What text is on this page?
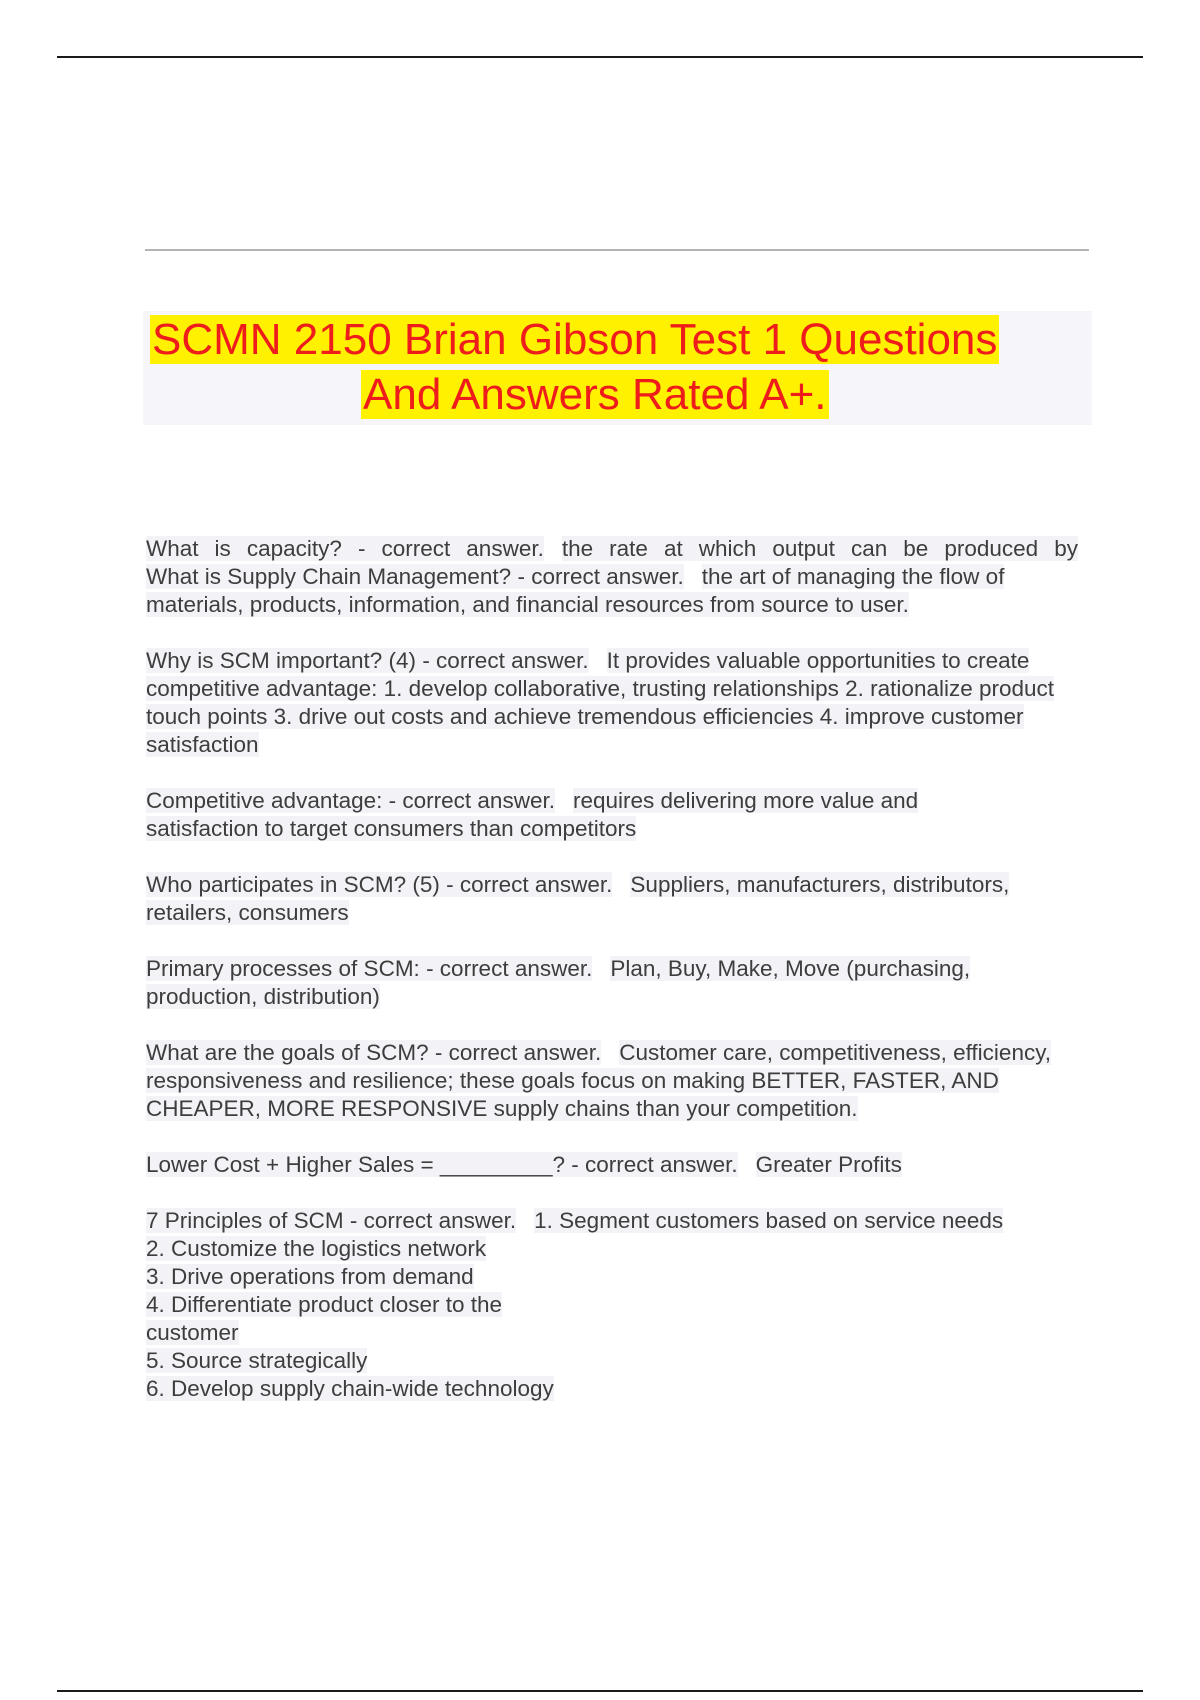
SCMN 2150 Brian Gibson Test 1 Questions
And Answers Rated A+.
What is capacity? - correct answer. the rate at which output can be produced by
What is Supply Chain Management? - correct answer. the art of managing the flow of materials, products, information, and financial resources from source to user.
Why is SCM important? (4) - correct answer. It provides valuable opportunities to create competitive advantage: 1. develop collaborative, trusting relationships 2. rationalize product touch points 3. drive out costs and achieve tremendous efficiencies 4. improve customer satisfaction
Competitive advantage: - correct answer. requires delivering more value and satisfaction to target consumers than competitors
Who participates in SCM? (5) - correct answer. Suppliers, manufacturers, distributors, retailers, consumers
Primary processes of SCM: - correct answer. Plan, Buy, Make, Move (purchasing, production, distribution)
What are the goals of SCM? - correct answer. Customer care, competitiveness, efficiency, responsiveness and resilience; these goals focus on making BETTER, FASTER, AND CHEAPER, MORE RESPONSIVE supply chains than your competition.
Lower Cost + Higher Sales = _________? - correct answer. Greater Profits
7 Principles of SCM - correct answer. 1. Segment customers based on service needs
2. Customize the logistics network
3. Drive operations from demand
4. Differentiate product closer to the
customer
5. Source strategically
6. Develop supply chain-wide technology
